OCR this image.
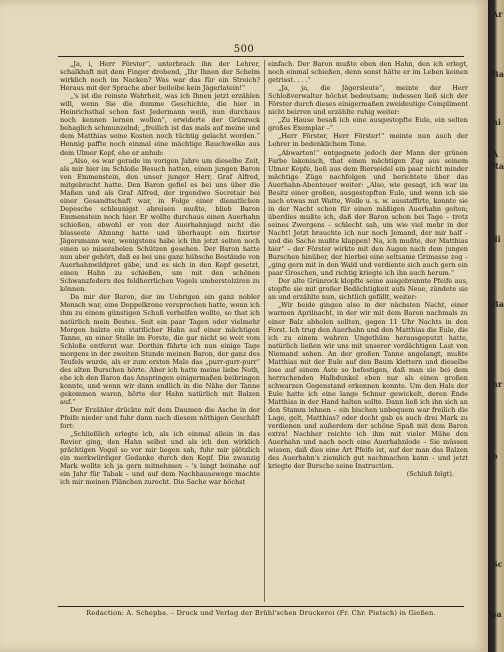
500

„Ja, i, Herr Förster“, unterbrach ihn der Lehrer, schalkhaft mit dem Finger drohend, „Ihr Ihnen der Schelm wirklich noch im Nacken? Was war das für ein Streich? Heraus mit der Sprache aber beileibe kein Jägerlatein!“

„'s ist die reinste Wahrheit, was ich Ihnen jetzt erzählen will, wenn Sie die dumme Geschichte, die hier in Heinrichsthal schon fast Jedermann weiß, nun durchaus noch kennen lernen wollen“, erwiderte der Grünrock behaglich schmunzelnd; „freilich ist das mals auf meine und dem Matthias seine Kosten noch tüchtig gelacht worden.“ Hennig paffte noch einmal eine mächtige Rauchwolke aus dem Ulmer Kopf, ehe er anhub:

„Also, es war gerade im vorigen Jahre um dieselbe Zeit, als mir hier im Schloße Besuch hatten, einen jungen Baron von Emmenstein, den unser junger Herr, Graf Alfred, mitgebracht hatte. Den Baron gefiel es bei uns über die Maßen und als Graf Alfred, der irgendwo Secretair bei einer Gesandtschaft war, in Folge einer dienstlichen Depesche schleunigst abreisen mußte, blieb Baron Emmenstein noch hier. Er wollte durchaus einen Auerhahn schießen, obwohl er von der Auerhahnjagd nicht die blasseste Ahnung hatte und überhaupt ein fixirter Jägersmann war, wenigstens habe ich ihn jetzt selten noch einen so miserabelen Schützen gesehen. Der Baron hatte nun aber gehört, daß es bei uns ganz hübsche Bestände von Auerhahnwildpret gäbe, und es sich in den Kopf gesetzt, einen Hahn zu schießen, um mit den schönen Schwanzfedern des feldherrlichen Vogels umherstolziren zu können.

Da mir der Baron, der im Uebrigen ein ganz nobler Mensch war, eine Doppelkrone versprochen hatte, wenn ich ihm zu einem günstigen Schuß verhelfen wollte, so that ich natürlich mein Bestes. Seit ein paar Tagen oder vielmehr Morgen balzte ein stattlicher Hahn auf einer mächtigen Tanne, an einer Stelle im Forste, die gar nicht so weit vom Schloße entfernt war. Dorthin führte ich nun einige Tage morgens in der zweiten Stunde meinen Baron, der ganz des Teufels wurde, als er zum ersten Male das „purr-gurr-purr“ des alten Burschen hörte. Aber ich hatte meine liebe Noth, ehe ich den Baron das Anspringen einigermaßen beibringen konnte, und wenn wir dann endlich in die Nähe der Tanne gekommen waren, hörte der Hahn natürlich mit Balzen auf.“

Der Erzähler drückte mit dem Daumen die Asche in der Pfeife nieder und fuhr dann nach diesem nöthigen Geschäft fort:

„Schließlich erlegte ich, als ich einmal allein in das Revier ging, den Hahn selbst und als ich den wirklich prächtigen Vogel so vor mir liegen sah, fuhr mir plötzlich ein merkwürdiger Gedanke durch den Kopf. Die zwanzig Mark wollte ich ja gern mitnehmen – 's langt beinahe auf ein Jahr für Tabak – und auf dem Nachhausewege machte ich mir meinen Plänchen zurecht. Die Sache war höchst

einfach. Der Baron mußte eben den Hahn, den ich erlegt, noch einmal schießen, denn sonst hätte er im Leben keinen getrisst. . . .“

„Ja, ja, die Jägersleute“, meinte der Herr Schloßverwalter höchst bedeutsam; indessen ließ sich der Förster durch dieses einigermaßen zweideutige Compliment nicht beirren und erzählte ruhig weiter:

„Zu Hause besaß ich eine ausgestopfte Eule, ein selten großes Exemplar –“

„Herr Förster, Herr Förster!“ meinte nun auch der Lehrer in bedenklichem Tone.

„Abwarten!“ entgegnete jedoch der Mann der grünen Farbe lakonisch, that einen mächtigen Zug aus seinem Ulmer Kopfe, ließ aus dem Bierseidel ein paar nicht minder mächtige Züge nachfolgen und berichtete über das Auerhahn-Abenteuer weiter: „Also, wie gesagt, ich war im Besitz einer großen, ausgestopften Eule, und wenn ich sie nach etwas mit Watte, Wolle u. s. w. ausstaffirte, konnte sie in der Nacht schon für einen mäßigen Auerhahn gelten; überdies mußte ich, daß der Baron schon bei Tage – trotz seines Zwergens – schlecht sah, um wie viel mehr in der Nacht! Jetzt brauchte ich nur noch Jemand, der mir half – und die Sache mußte klappen! Na, ich mußte, der Matthias hier“ – der Förster wirkte mit den Augen nach dem jungen Burschen hinüber, der hierbei eine seltsame Grimasse zog – „ging gern mit in den Wald und verdiente sich auch gern ein paar Groschen, und richtig kriegte ich ihn auch herum.“

Der alte Grünrock klopfte seine ausgebrannte Pfeife aus, stopfte sie mit großer Bedächtigkeit aufs Neue, zündete sie an und erzählte nun, sichtlich gefällt, weiter:

„Wir beide gingen also in der nächsten Nacht, einer warmen Aprilnacht, in der wir mit dem Baron nachmals zu einer Balz abholen sollten, gegen 11 Uhr Nachts in den Forst. Ich trug den Auerhahn und den Matthias die Eule, die ich zu einem wahren Ungethüm herausgeputzt hatte, natürlich ließen wir uns mit unserer verdächtigen Last von Niemand sehen. An der großen Tanne angelangt, mußte Matthias mit der Eule auf den Baum klettern und dieselbe lose auf einem Aste so befestigen, daß man sie bei dem herrschenden Halbdunkel eben nur als einen großen schwarzen Gegenstand erkennen konnte. Um den Hals der Eule hatte ich eine lange Schnur gewickelt, deren Ende Matthias in der Hand halten sollte. Dann ließ ich ihn sich an den Stamm lehnen – ein bischen unbequem war freilich die Lage, gelt, Matthias? oder docht gab es auch drei Mark zu verdienen und außerdem der schöne Spaß mit dem Baron extra! Nachher reichte ich ihm mit vieler Mühe den Auerhahn und nach noch eine Auerhahnlode – Sie müssen wissen, daß dies eine Art Pfeife ist, auf der man das Balzen des Auerhahn's ziemlich gut nachmachen kann – und jetzt kriegte der Bursche seine Instruction.

(Schluß folgt).

Redaction: A. Schepba. – Druck und Verlag der Brühl'schen Druckerei (Fr. Chr. Pietsch) in Gießen.
Ar
Ba
hi
A
Ra
di
Ba
hr
b
Sc
sa
